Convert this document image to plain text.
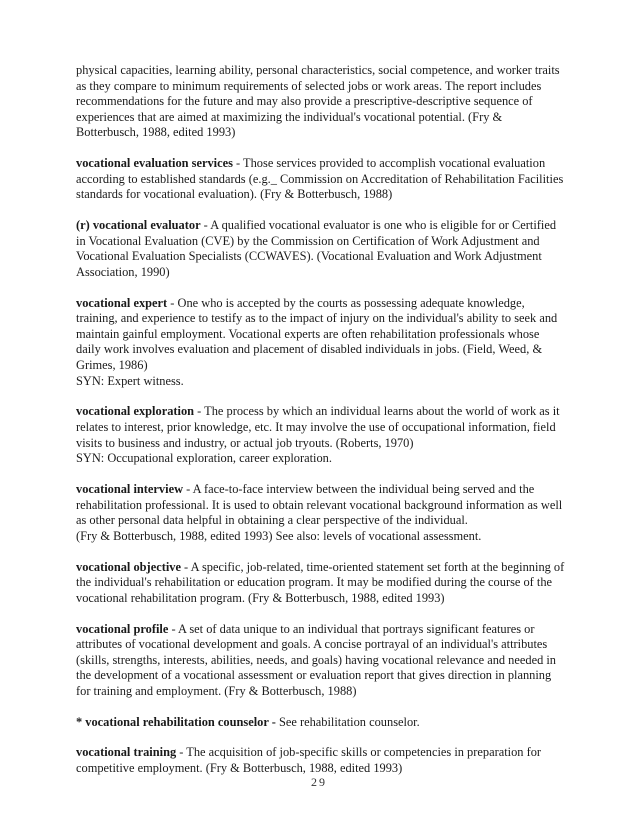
physical capacities, learning ability, personal characteristics, social competence, and worker traits as they compare to minimum requirements of selected jobs or work areas. The report includes recommendations for the future and may also provide a prescriptive-descriptive sequence of experiences that are aimed at maximizing the individual's vocational potential. (Fry & Botterbusch, 1988, edited 1993)

vocational evaluation services - Those services provided to accomplish vocational evaluation according to established standards (e.g._ Commission on Accreditation of Rehabilitation Facilities standards for vocational evaluation). (Fry & Botterbusch, 1988)

(r) vocational evaluator - A qualified vocational evaluator is one who is eligible for or Certified in Vocational Evaluation (CVE) by the Commission on Certification of Work Adjustment and Vocational Evaluation Specialists (CCWAVES). (Vocational Evaluation and Work Adjustment Association, 1990)

vocational expert - One who is accepted by the courts as possessing adequate knowledge, training, and experience to testify as to the impact of injury on the individual's ability to seek and maintain gainful employment. Vocational experts are often rehabilitation professionals whose daily work involves evaluation and placement of disabled individuals in jobs. (Field, Weed, & Grimes, 1986)

SYN: Expert witness.

vocational exploration - The process by which an individual learns about the world of work as it relates to interest, prior knowledge, etc. It may involve the use of occupational information, field visits to business and industry, or actual job tryouts. (Roberts, 1970)

SYN: Occupational exploration, career exploration.

vocational interview - A face-to-face interview between the individual being served and the rehabilitation professional. It is used to obtain relevant vocational background information as well as other personal data helpful in obtaining a clear perspective of the individual.

(Fry & Botterbusch, 1988, edited 1993) See also: levels of vocational assessment.

vocational objective - A specific, job-related, time-oriented statement set forth at the beginning of the individual's rehabilitation or education program. It may be modified during the course of the vocational rehabilitation program. (Fry & Botterbusch, 1988, edited 1993)

vocational profile - A set of data unique to an individual that portrays significant features or attributes of vocational development and goals. A concise portrayal of an individual's attributes (skills, strengths, interests, abilities, needs, and goals) having vocational relevance and needed in the development of a vocational assessment or evaluation report that gives direction in planning for training and employment. (Fry & Botterbusch, 1988)

* vocational rehabilitation counselor - See rehabilitation counselor.

vocational training - The acquisition of job-specific skills or competencies in preparation for competitive employment. (Fry & Botterbusch, 1988, edited 1993)

29
